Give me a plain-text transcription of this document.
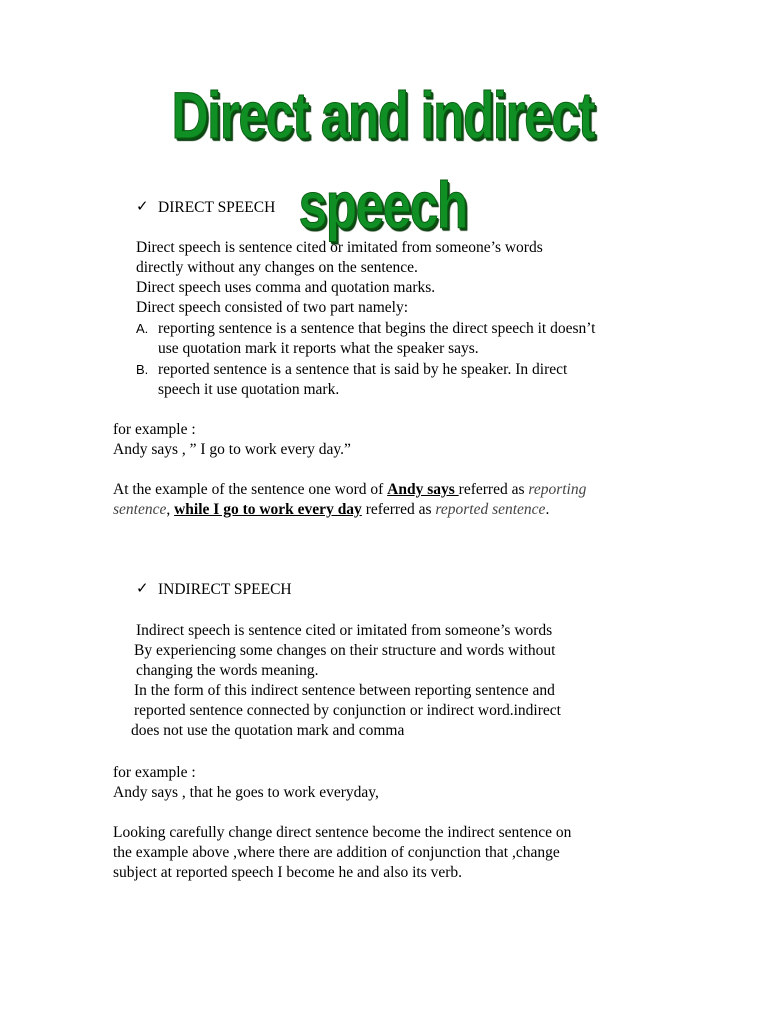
Direct and indirect speech
✓ DIRECT SPEECH
Direct speech is sentence cited or imitated from someone’s words
directly without any changes on the sentence.
Direct speech uses comma and quotation marks.
Direct speech consisted of two part namely:
A. reporting sentence is a sentence that begins the direct speech it doesn’t
use quotation mark it reports what the speaker says.
B. reported sentence is a sentence that is said by he speaker. In direct
speech it use quotation mark.
for example :
Andy says , ” I go to work every day.”
At the example of the sentence one word of Andy says referred as reporting
sentence, while I go to work every day referred as reported sentence.
✓ INDIRECT SPEECH
Indirect speech is sentence cited or imitated from someone’s words
By experiencing some changes on their structure and words without
changing the words meaning.
In the form of this indirect sentence between reporting sentence and
reported sentence connected by conjunction or indirect word.indirect
does not use the quotation mark and comma
for example :
Andy says , that he goes to work everyday,
Looking carefully change direct sentence become the indirect sentence on
the example above ,where there are addition of conjunction that ,change
subject at reported speech I become he and also its verb.
